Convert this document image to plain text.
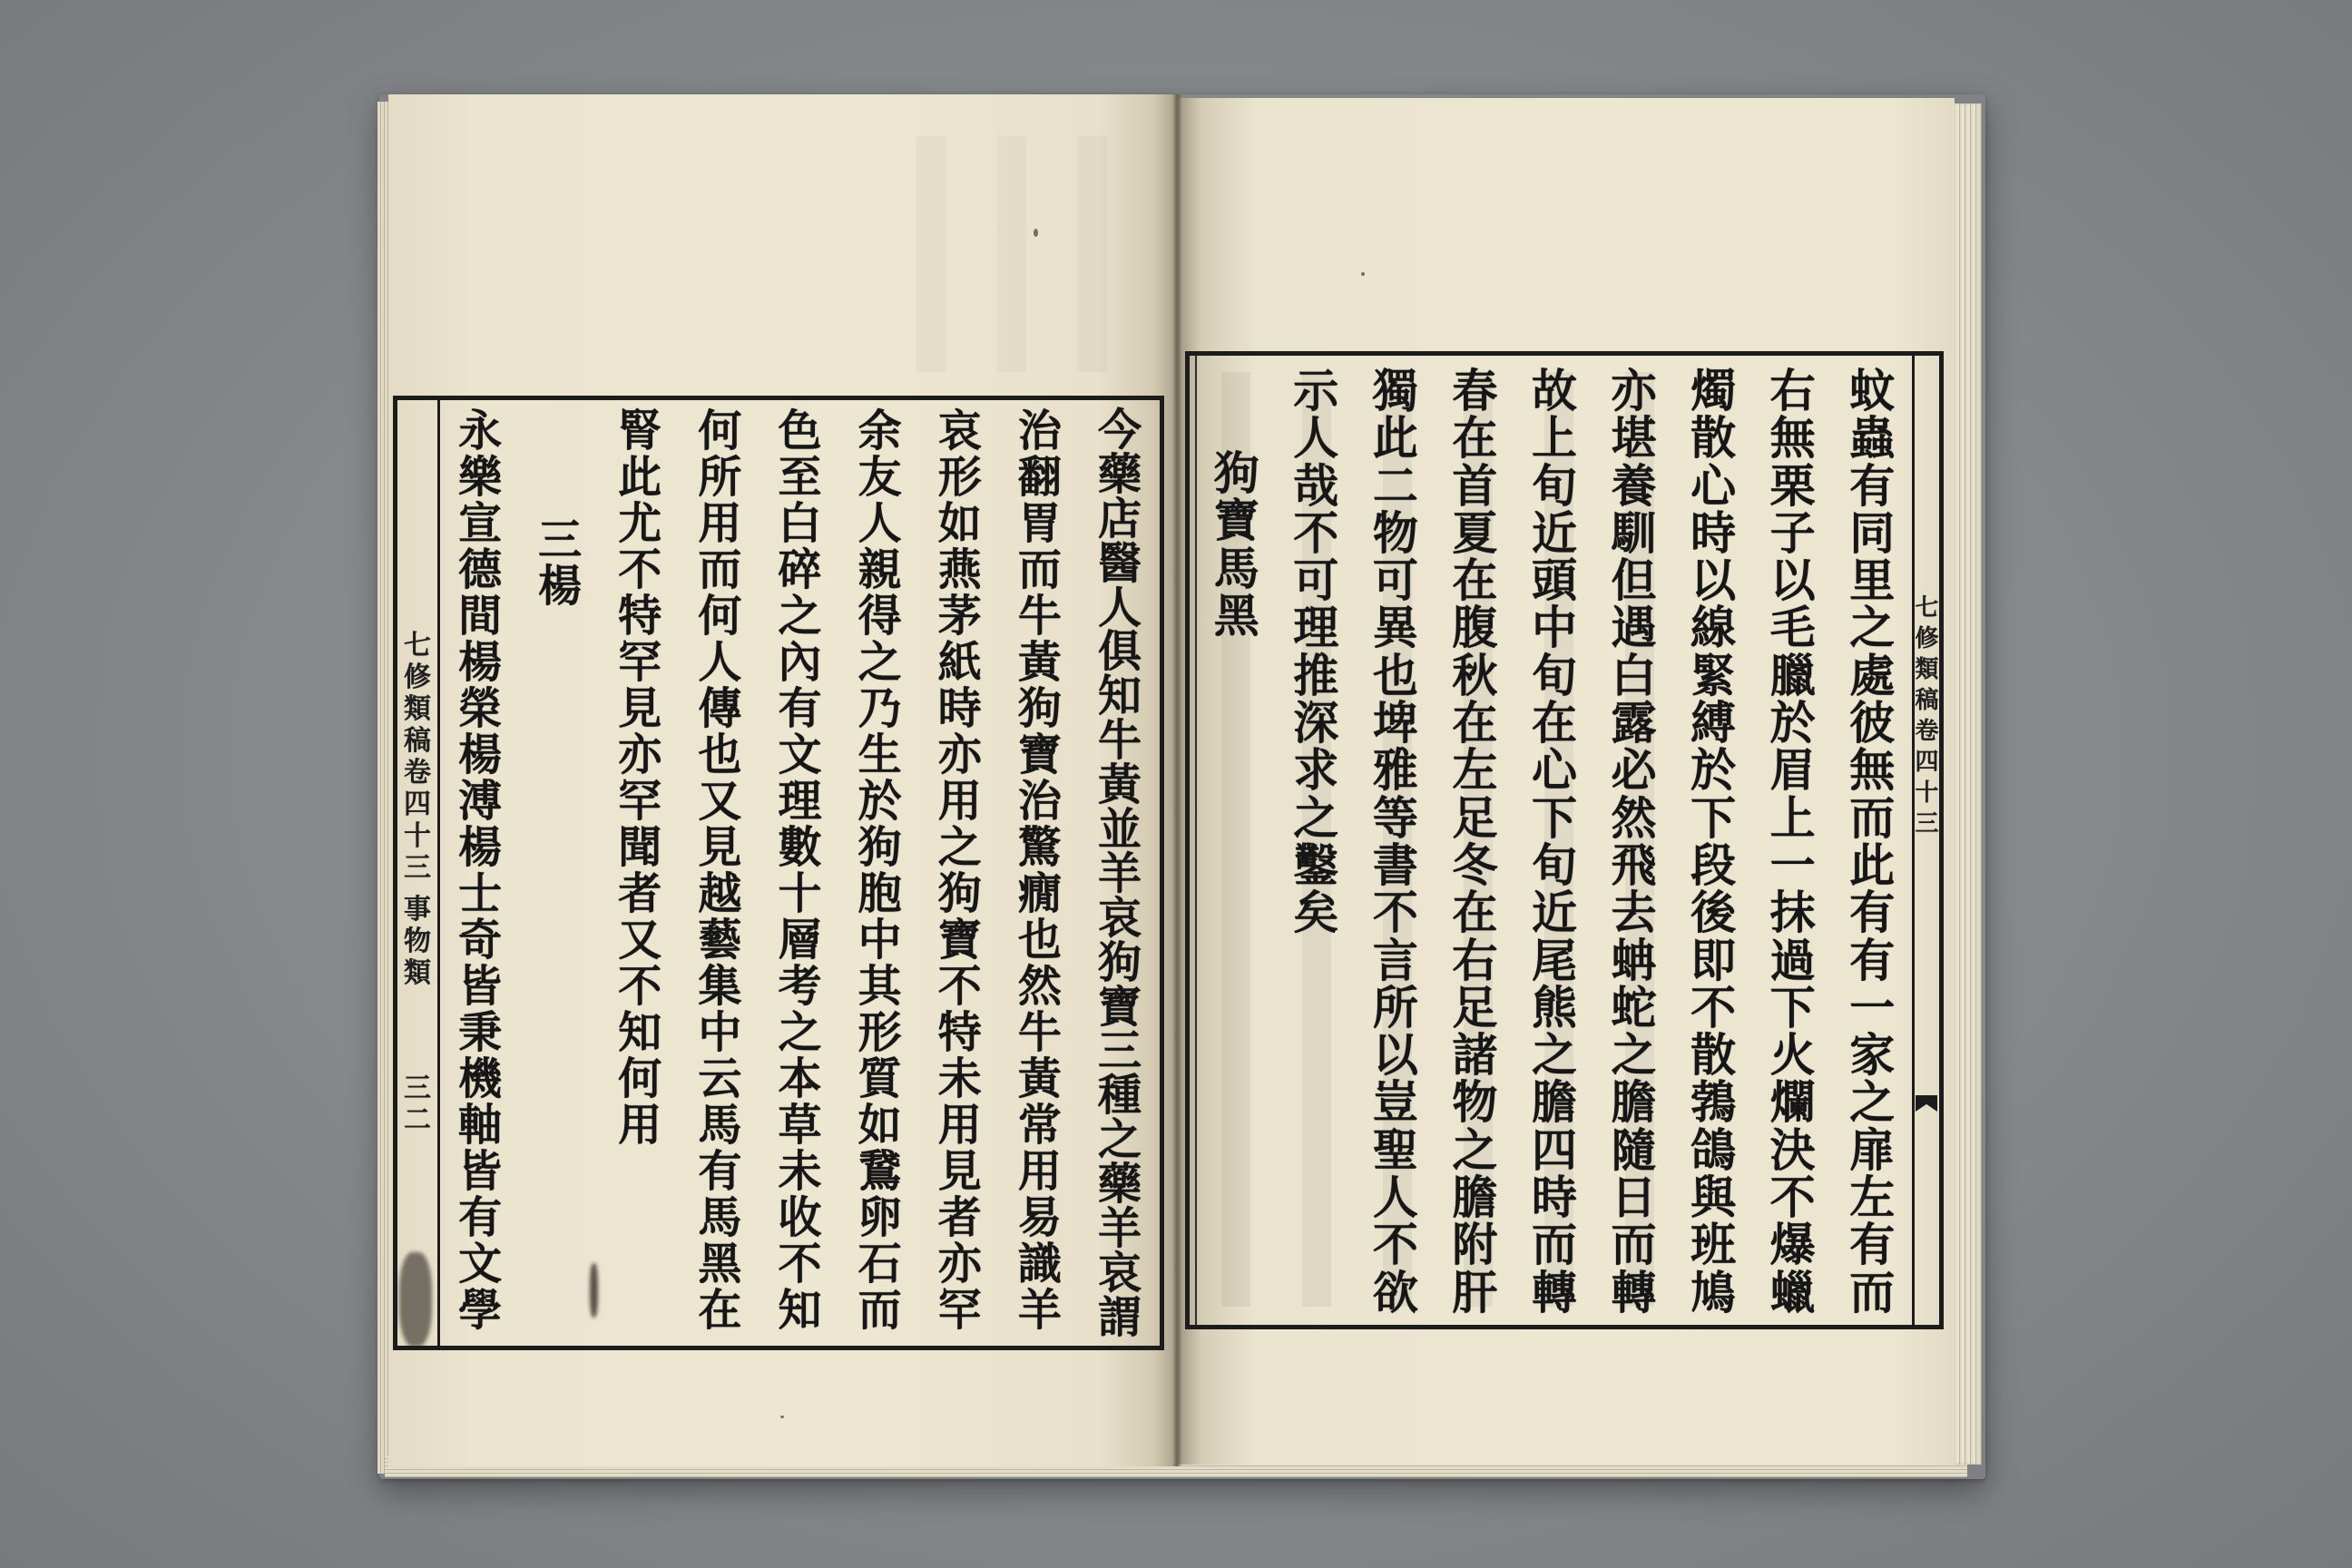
七
修
類
稿
卷
四
十
三
事
物
類
三
二
今
藥
店
醫
人
俱
知
牛
黃
並
羊
哀
狗
寶
三
種
之
藥
羊
哀
謂
治
翻
胃
而
牛
黃
狗
寶
治
驚
癇
也
然
牛
黃
常
用
易
識
羊
哀
形
如
燕
茅
紙
時
亦
用
之
狗
寶
不
特
未
用
見
者
亦
罕
余
友
人
親
得
之
乃
生
於
狗
胞
中
其
形
質
如
鵞
卵
石
而
色
至
白
碎
之
內
有
文
理
數
十
層
考
之
本
草
未
收
不
知
何
所
用
而
何
人
傳
也
又
見
越
藝
集
中
云
馬
有
馬
黑
在
腎
此
尤
不
特
罕
見
亦
罕
聞
者
又
不
知
何
用
三
楊
永
樂
宣
德
間
楊
榮
楊
溥
楊
士
奇
皆
秉
機
軸
皆
有
文
學
七
修
類
稿
卷
四
十
三
蚊
蟲
有
同
里
之
處
彼
無
而
此
有
有
一
家
之
扉
左
有
而
右
無
栗
子
以
毛
臘
於
眉
上
一
抹
過
下
火
爛
決
不
爆
蠟
燭
散
心
時
以
線
緊
縛
於
下
段
後
即
不
散
鵓
鴿
與
班
鳩
亦
堪
養
馴
但
遇
白
露
必
然
飛
去
蚺
蛇
之
膽
隨
日
而
轉
故
上
旬
近
頭
中
旬
在
心
下
旬
近
尾
熊
之
膽
四
時
而
轉
春
在
首
夏
在
腹
秋
在
左
足
冬
在
右
足
諸
物
之
膽
附
肝
獨
此
二
物
可
異
也
埤
雅
等
書
不
言
所
以
豈
聖
人
不
欲
示
人
哉
不
可
理
推
深
求
之
鑿
矣
狗
寶
馬
黑
